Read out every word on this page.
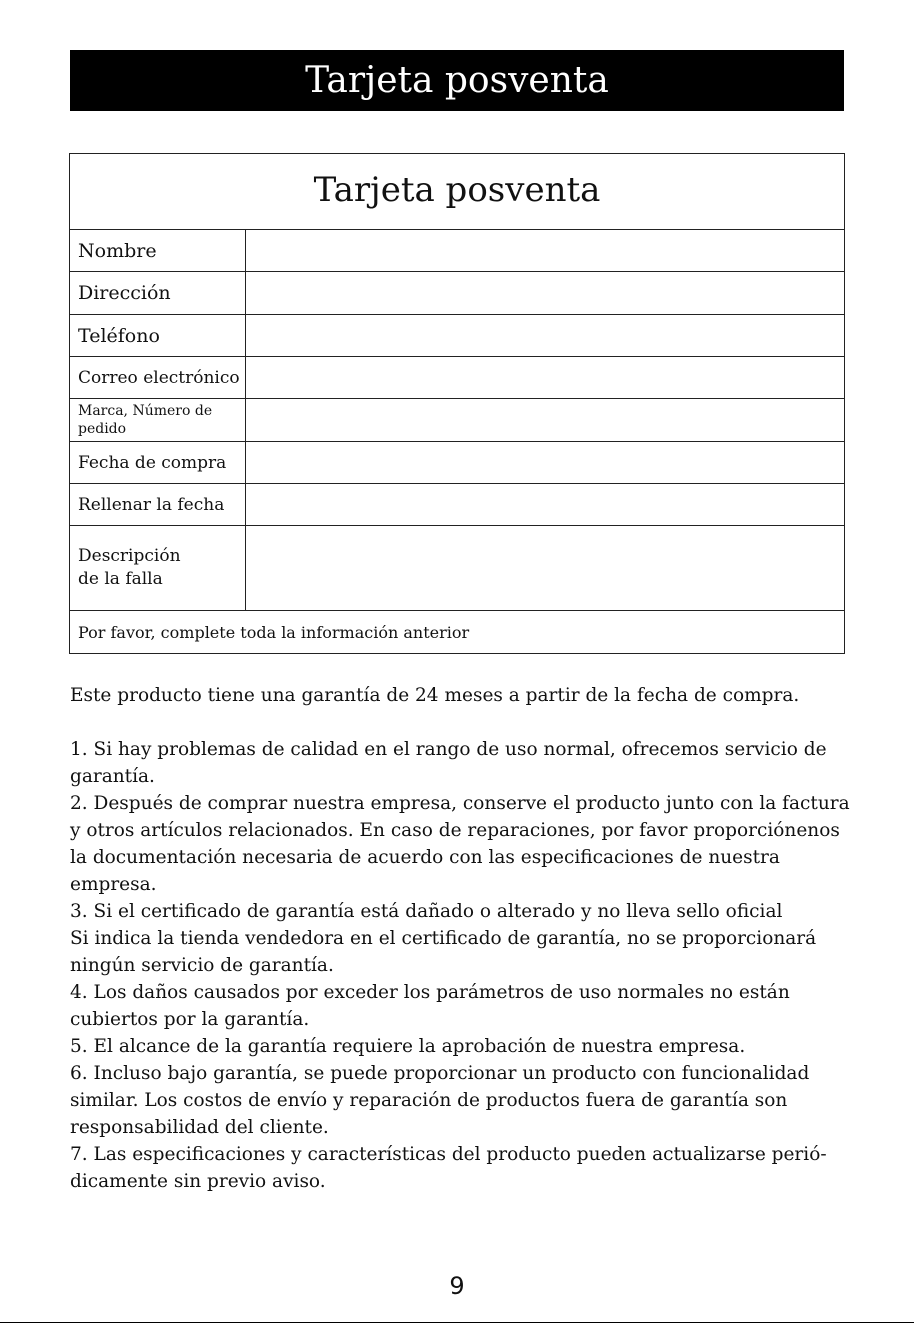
Tarjeta posventa
Tarjeta posventa
Nombre
Dirección
Teléfono
Correo electrónico
Marca, Número de pedido
Fecha de compra
Rellenar la fecha
Descripción
de la falla
Por favor, complete toda la información anterior

Este producto tiene una garantía de 24 meses a partir de la fecha de compra.

1. Si hay problemas de calidad en el rango de uso normal, ofrecemos servicio de garantía.

2. Después de comprar nuestra empresa, conserve el producto junto con la factura y otros artículos relacionados. En caso de reparaciones, por favor proporciónenos la documentación necesaria de acuerdo con las especificaciones de nuestra empresa.

3. Si el certificado de garantía está dañado o alterado y no lleva sello oficial

Si indica la tienda vendedora en el certificado de garantía, no se proporcionará ningún servicio de garantía.

4. Los daños causados por exceder los parámetros de uso normales no están cubiertos por la garantía.

5. El alcance de la garantía requiere la aprobación de nuestra empresa.

6. Incluso bajo garantía, se puede proporcionar un producto con funcionalidad similar. Los costos de envío y reparación de productos fuera de garantía son responsabilidad del cliente.

7. Las especificaciones y características del producto pueden actualizarse perió-dicamente sin previo aviso.

9
